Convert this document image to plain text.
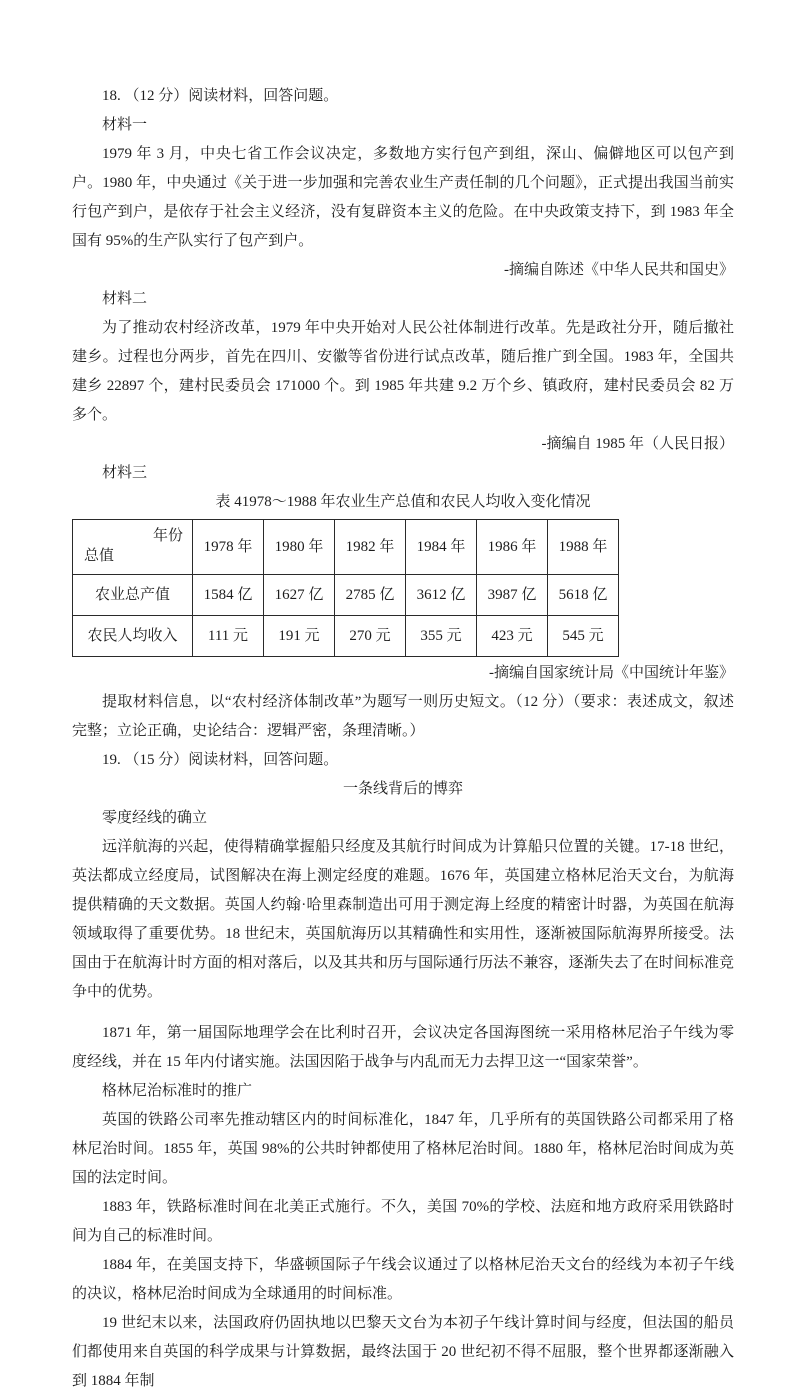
18. （12 分）阅读材料，回答问题。

材料一

1979 年 3 月，中央七省工作会议决定，多数地方实行包产到组，深山、偏僻地区可以包产到户。1980 年，中央通过《关于进一步加强和完善农业生产责任制的几个问题》，正式提出我国当前实行包产到户，是依存于社会主义经济，没有复辟资本主义的危险。在中央政策支持下，到 1983 年全国有 95%的生产队实行了包产到户。

-摘编自陈述《中华人民共和国史》

材料二

为了推动农村经济改革，1979 年中央开始对人民公社体制进行改革。先是政社分开，随后撤社建乡。过程也分两步，首先在四川、安徽等省份进行试点改革，随后推广到全国。1983 年，全国共建乡 22897 个，建村民委员会 171000 个。到 1985 年共建 9.2 万个乡、镇政府，建村民委员会 82 万多个。

-摘编自 1985 年（人民日报）

材料三

表 41978～1988 年农业生产总值和农民人均收入变化情况

年份
总值	1978 年	1980 年	1982 年	1984 年	1986 年	1988 年
农业总产值	1584 亿	1627 亿	2785 亿	3612 亿	3987 亿	5618 亿
农民人均收入	111 元	191 元	270 元	355 元	423 元	545 元

-摘编自国家统计局《中国统计年鉴》

提取材料信息，以“农村经济体制改革”为题写一则历史短文。（12 分）（要求：表述成文，叙述完整；立论正确，史论结合：逻辑严密，条理清晰。）

19. （15 分）阅读材料，回答问题。

一条线背后的博弈

零度经线的确立

远洋航海的兴起，使得精确掌握船只经度及其航行时间成为计算船只位置的关键。17-18 世纪，英法都成立经度局，试图解决在海上测定经度的难题。1676 年，英国建立格林尼治天文台，为航海提供精确的天文数据。英国人约翰·哈里森制造出可用于测定海上经度的精密计时器，为英国在航海领域取得了重要优势。18 世纪末，英国航海历以其精确性和实用性，逐渐被国际航海界所接受。法国由于在航海计时方面的相对落后，以及其共和历与国际通行历法不兼容，逐渐失去了在时间标准竞争中的优势。

1871 年，第一届国际地理学会在比利时召开，会议决定各国海图统一采用格林尼治子午线为零度经线，并在 15 年内付诸实施。法国因陷于战争与内乱而无力去捍卫这一“国家荣誉”。

格林尼治标准时的推广

英国的铁路公司率先推动辖区内的时间标准化，1847 年，几乎所有的英国铁路公司都采用了格林尼治时间。1855 年，英国 98%的公共时钟都使用了格林尼治时间。1880 年，格林尼治时间成为英国的法定时间。

1883 年，铁路标准时间在北美正式施行。不久，美国 70%的学校、法庭和地方政府采用铁路时间为自己的标准时间。

1884 年，在美国支持下，华盛顿国际子午线会议通过了以格林尼治天文台的经线为本初子午线的决议，格林尼治时间成为全球通用的时间标准。

19 世纪末以来，法国政府仍固执地以巴黎天文台为本初子午线计算时间与经度，但法国的船员们都使用来自英国的科学成果与计算数据，最终法国于 20 世纪初不得不屈服，整个世界都逐渐融入到 1884 年制
